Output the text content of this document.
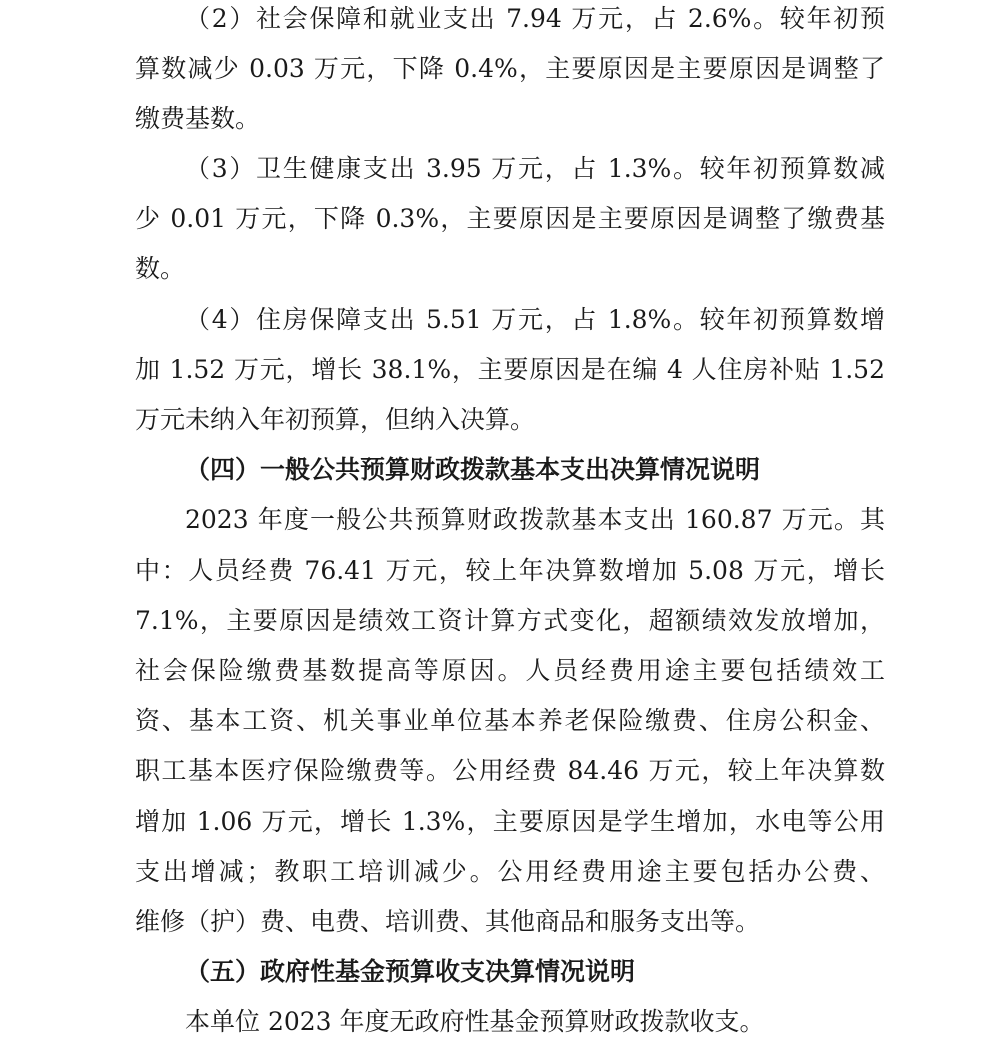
（2）社会保障和就业支出 7.94 万元，占 2.6%。较年初预
算数减少 0.03 万元，下降 0.4%，主要原因是主要原因是调整了
缴费基数。
（3）卫生健康支出 3.95 万元，占 1.3%。较年初预算数减
少 0.01 万元，下降 0.3%，主要原因是主要原因是调整了缴费基
数。
（4）住房保障支出 5.51 万元，占 1.8%。较年初预算数增
加 1.52 万元，增长 38.1%，主要原因是在编 4 人住房补贴 1.52
万元未纳入年初预算，但纳入决算。
（四）一般公共预算财政拨款基本支出决算情况说明
2023 年度一般公共预算财政拨款基本支出 160.87 万元。其
中：人员经费 76.41 万元，较上年决算数增加 5.08 万元，增长
7.1%，主要原因是绩效工资计算方式变化，超额绩效发放增加，
社会保险缴费基数提高等原因。人员经费用途主要包括绩效工
资、基本工资、机关事业单位基本养老保险缴费、住房公积金、
职工基本医疗保险缴费等。公用经费 84.46 万元，较上年决算数
增加 1.06 万元，增长 1.3%，主要原因是学生增加，水电等公用
支出增减；教职工培训减少。公用经费用途主要包括办公费、
维修（护）费、电费、培训费、其他商品和服务支出等。
（五）政府性基金预算收支决算情况说明
本单位 2023 年度无政府性基金预算财政拨款收支。
